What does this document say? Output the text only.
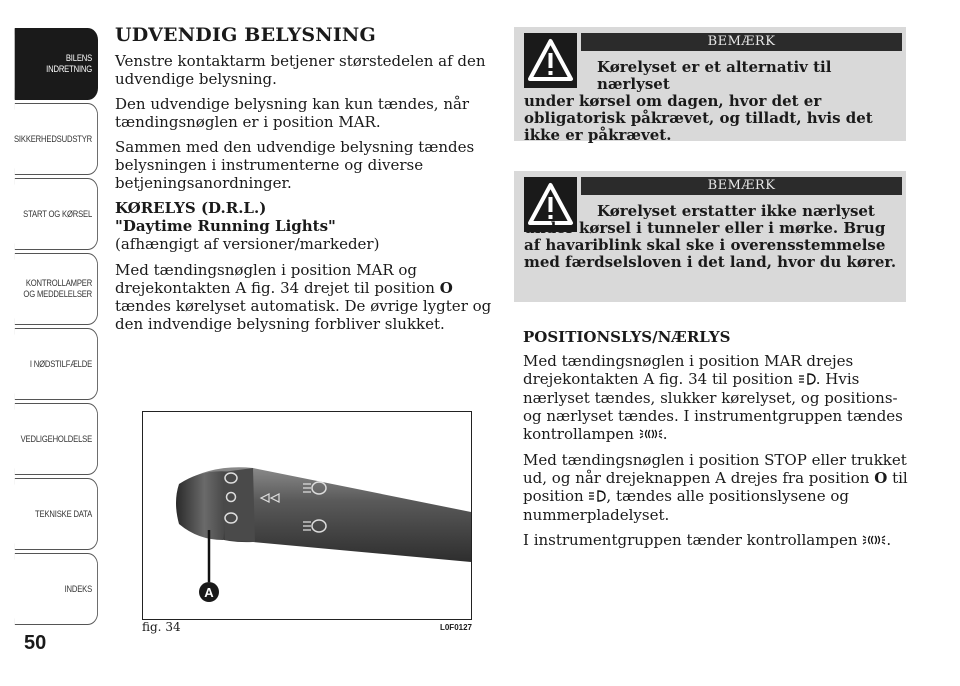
BILENS
INDRETNING
SIKKERHEDSUDSTYR
START OG KØRSEL
KONTROLLAMPER
OG MEDDELELSER
I NØDSTILFÆLDE
VEDLIGEHOLDELSE
TEKNISKE DATA
INDEKS
50
UDVENDIG BELYSNING

Venstre kontaktarm betjener størstedelen af den udvendige belysning.

Den udvendige belysning kan kun tændes, når tændingsnøglen er i position MAR.

Sammen med den udvendige belysning tændes belysningen i instrumenterne og diverse betjeningsanordninger.

KØRELYS (D.R.L.)
"Daytime Running Lights"
(afhængigt af versioner/markeder)

Med tændingsnøglen i position MAR og drejekontakten A fig. 34 drejet til position O tændes kørelyset automatisk. De øvrige lygter og den indvendige belysning forbliver slukket.

A
fig. 34	L0F0127
BEMÆRK
Kørelyset er et alternativ til nærlyset
under kørsel om dagen, hvor det er obligatorisk påkrævet, og tilladt, hvis det ikke er påkrævet.
BEMÆRK
Kørelyset erstatter ikke nærlyset
under kørsel i tunneler eller i mørke. Brug af havariblink skal ske i overensstemmelse med færdselsloven i det land, hvor du kører.
POSITIONSLYS/NÆRLYS

Med tændingsnøglen i position MAR drejes drejekontakten A fig. 34 til position . Hvis nærlyset tændes, slukker kørelyset, og positions- og nærlyset tændes. I instrumentgruppen tændes kontrollampen .

Med tændingsnøglen i position STOP eller trukket ud, og når drejeknappen A drejes fra position O til position , tændes alle positionslysene og nummerpladelyset.

I instrumentgruppen tænder kontrollampen .
